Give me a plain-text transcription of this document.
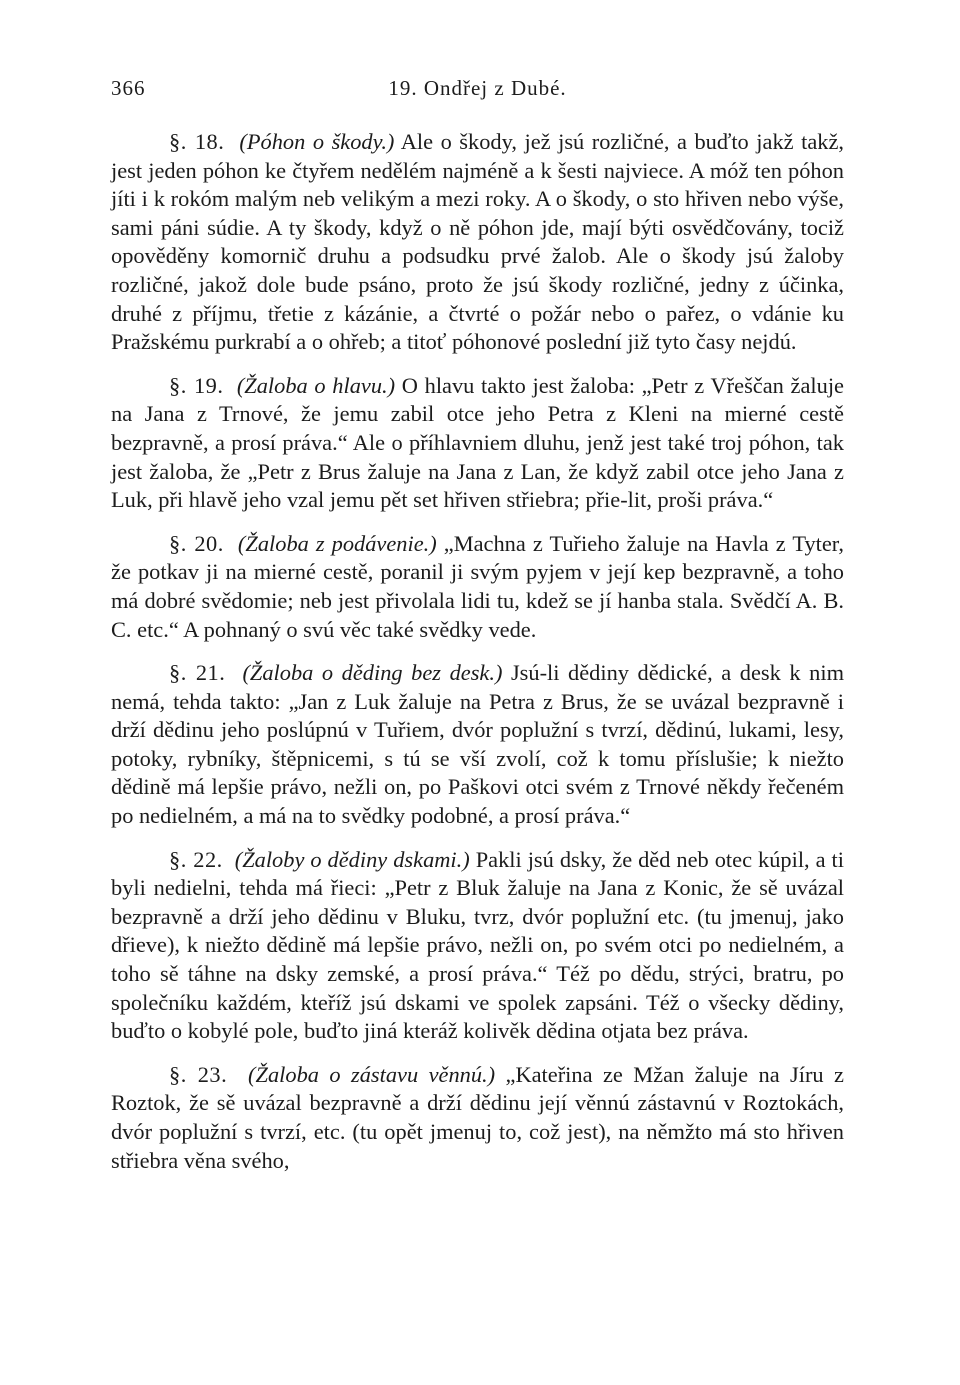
366	19. Ondřej z Dubé.

§. 18. (Póhon o škody.) Ale o škody, jež jsú rozličné, a buďto jakž takž, jest jeden póhon ke čtyřem nedělém najméně a k šesti najviece. A móž ten póhon jíti i k rokóm malým neb velikým a mezi roky. A o škody, o sto hřiven nebo výše, sami páni súdie. A ty škody, když o ně póhon jde, mají býti osvědčovány, tociž opověděny komornič druhu a podsudku prvé žalob. Ale o škody jsú žaloby rozličné, jakož dole bude psáno, proto že jsú škody rozličné, jedny z účinka, druhé z příjmu, třetie z kázánie, a čtvrté o požár nebo o pařez, o vdánie ku Pražskému purkrabí a o ohřeb; a titoť póhonové poslední již tyto časy nejdú.

§. 19. (Žaloba o hlavu.) O hlavu takto jest žaloba: „Petr z Vřeščan žaluje na Jana z Trnové, že jemu zabil otce jeho Petra z Kleni na mierné cestě bezpravně, a prosí práva.“ Ale o příhlavniem dluhu, jenž jest také troj póhon, tak jest žaloba, že „Petr z Brus žaluje na Jana z Lan, že když zabil otce jeho Jana z Luk, při hlavě jeho vzal jemu pět set hřiven střiebra; přie-lit, proši práva.“

§. 20. (Žaloba z podávenie.) „Machna z Tuřieho žaluje na Havla z Tyter, že potkav ji na mierné cestě, poranil ji svým pyjem v její kep bezpravně, a toho má dobré svědomie; neb jest přivolala lidi tu, kdež se jí hanba stala. Svědčí A. B. C. etc.“ A pohnaný o svú věc také svědky vede.

§. 21. (Žaloba o děding bez desk.) Jsú-li dědiny dědické, a desk k nim nemá, tehda takto: „Jan z Luk žaluje na Petra z Brus, že se uvázal bezpravně i drží dědinu jeho poslúpnú v Tuřiem, dvór poplužní s tvrzí, dědinú, lukami, lesy, potoky, rybníky, štěpnicemi, s tú se vší zvolí, což k tomu příslušie; k niežto dědině má lepšie právo, nežli on, po Paškovi otci svém z Trnové někdy řečeném po nedielném, a má na to svědky podobné, a prosí práva.“

§. 22. (Žaloby o dědiny dskami.) Pakli jsú dsky, že děd neb otec kúpil, a ti byli nedielni, tehda má řieci: „Petr z Bluk žaluje na Jana z Konic, že sě uvázal bezpravně a drží jeho dědinu v Bluku, tvrz, dvór poplužní etc. (tu jmenuj, jako dřieve), k niežto dědině má lepšie právo, nežli on, po svém otci po nedielném, a toho sě táhne na dsky zemské, a prosí práva.“ Též po dědu, strýci, bratru, po společníku každém, kteříž jsú dskami ve spolek zapsáni. Též o všecky dědiny, buďto o kobylé pole, buďto jiná kteráž kolivěk dědina otjata bez práva.

§. 23. (Žaloba o zástavu věnnú.) „Kateřina ze Mžan žaluje na Jíru z Roztok, že sě uvázal bezpravně a drží dědinu její věnnú zástavnú v Roztokách, dvór poplužní s tvrzí, etc. (tu opět jmenuj to, což jest), na němžto má sto hřiven střiebra věna svého,
